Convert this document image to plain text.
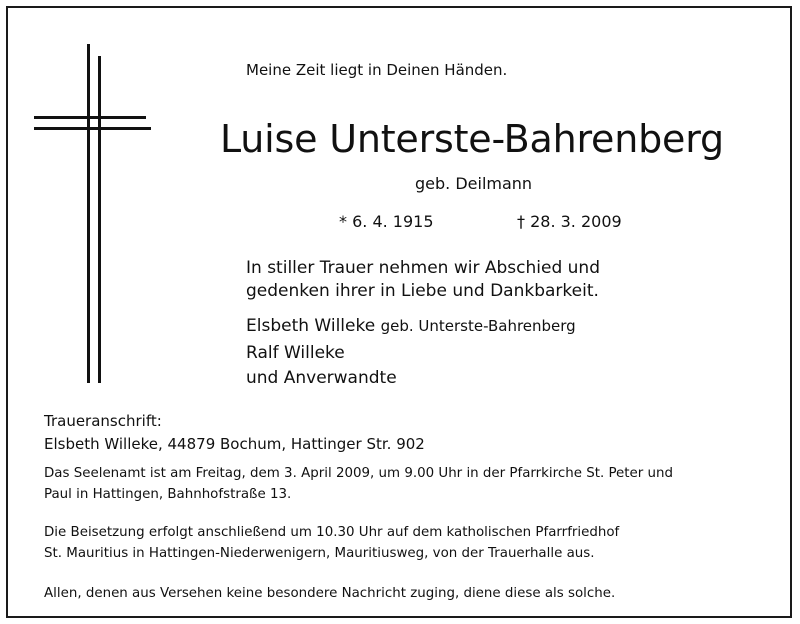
Meine Zeit liegt in Deinen Händen.
Luise Unterste-Bahrenberg
geb. Deilmann
* 6. 4. 1915	† 28. 3. 2009
In stiller Trauer nehmen wir Abschied und
gedenken ihrer in Liebe und Dankbarkeit.
Elsbeth Willeke geb. Unterste-Bahrenberg
Ralf Willeke
und Anverwandte
Traueranschrift:
Elsbeth Willeke, 44879 Bochum, Hattinger Str. 902
Das Seelenamt ist am Freitag, dem 3. April 2009, um 9.00 Uhr in der Pfarrkirche St. Peter und
Paul in Hattingen, Bahnhofstraße 13.
Die Beisetzung erfolgt anschließend um 10.30 Uhr auf dem katholischen Pfarrfriedhof
St. Mauritius in Hattingen-Niederwenigern, Mauritiusweg, von der Trauerhalle aus.
Allen, denen aus Versehen keine besondere Nachricht zuging, diene diese als solche.
